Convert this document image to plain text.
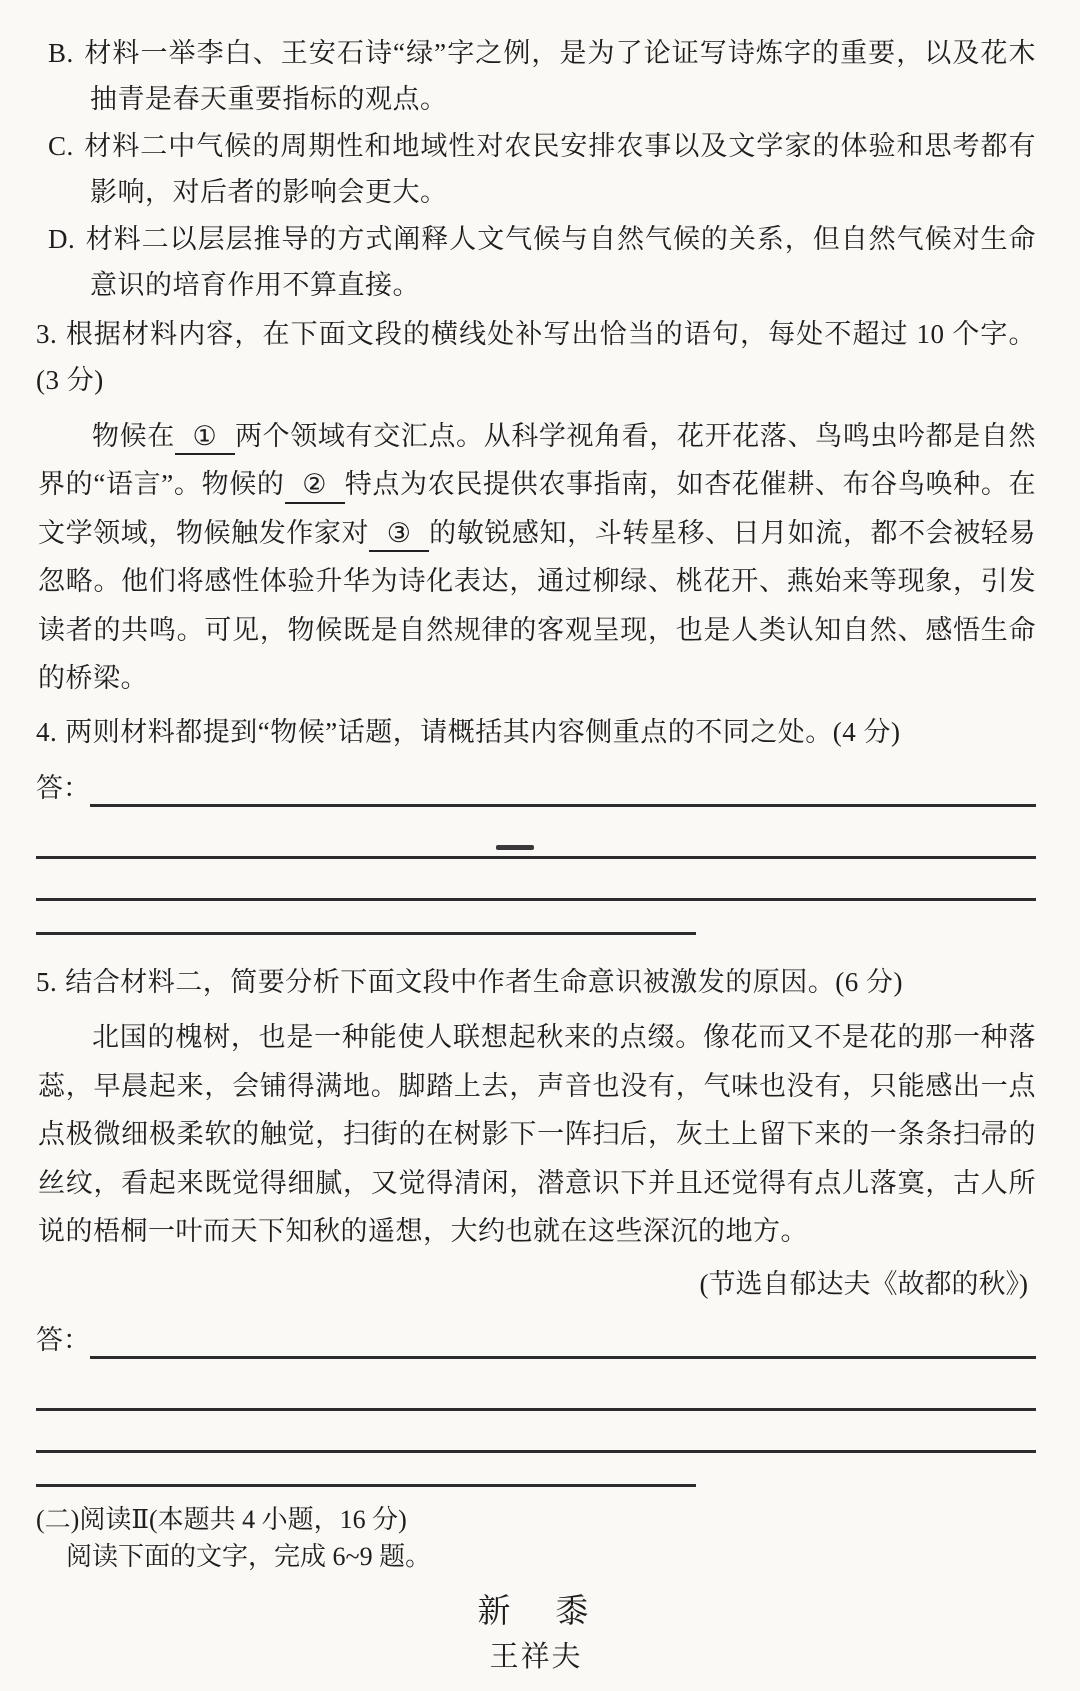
B. 材料一举李白、王安石诗“绿”字之例，是为了论证写诗炼字的重要，以及花木抽青是春天重要指标的观点。
C. 材料二中气候的周期性和地域性对农民安排农事以及文学家的体验和思考都有影响，对后者的影响会更大。
D. 材料二以层层推导的方式阐释人文气候与自然气候的关系，但自然气候对生命意识的培育作用不算直接。
3. 根据材料内容，在下面文段的横线处补写出恰当的语句，每处不超过 10 个字。(3 分)
物候在 ① 两个领域有交汇点。从科学视角看，花开花落、鸟鸣虫吟都是自然界的“语言”。物候的 ② 特点为农民提供农事指南，如杏花催耕、布谷鸟唤种。在文学领域，物候触发作家对 ③ 的敏锐感知，斗转星移、日月如流，都不会被轻易忽略。他们将感性体验升华为诗化表达，通过柳绿、桃花开、燕始来等现象，引发读者的共鸣。可见，物候既是自然规律的客观呈现，也是人类认知自然、感悟生命的桥梁。
4. 两则材料都提到“物候”话题，请概括其内容侧重点的不同之处。(4 分)
答：
5. 结合材料二，简要分析下面文段中作者生命意识被激发的原因。(6 分)
北国的槐树，也是一种能使人联想起秋来的点缀。像花而又不是花的那一种落蕊，早晨起来，会铺得满地。脚踏上去，声音也没有，气味也没有，只能感出一点点极微细极柔软的触觉，扫街的在树影下一阵扫后，灰土上留下来的一条条扫帚的丝纹，看起来既觉得细腻，又觉得清闲，潜意识下并且还觉得有点儿落寞，古人所说的梧桐一叶而天下知秋的遥想，大约也就在这些深沉的地方。
(节选自郁达夫《故都的秋》)
答：
(二)阅读Ⅱ(本题共 4 小题，16 分)
阅读下面的文字，完成 6~9 题。
新　黍
王祥夫
